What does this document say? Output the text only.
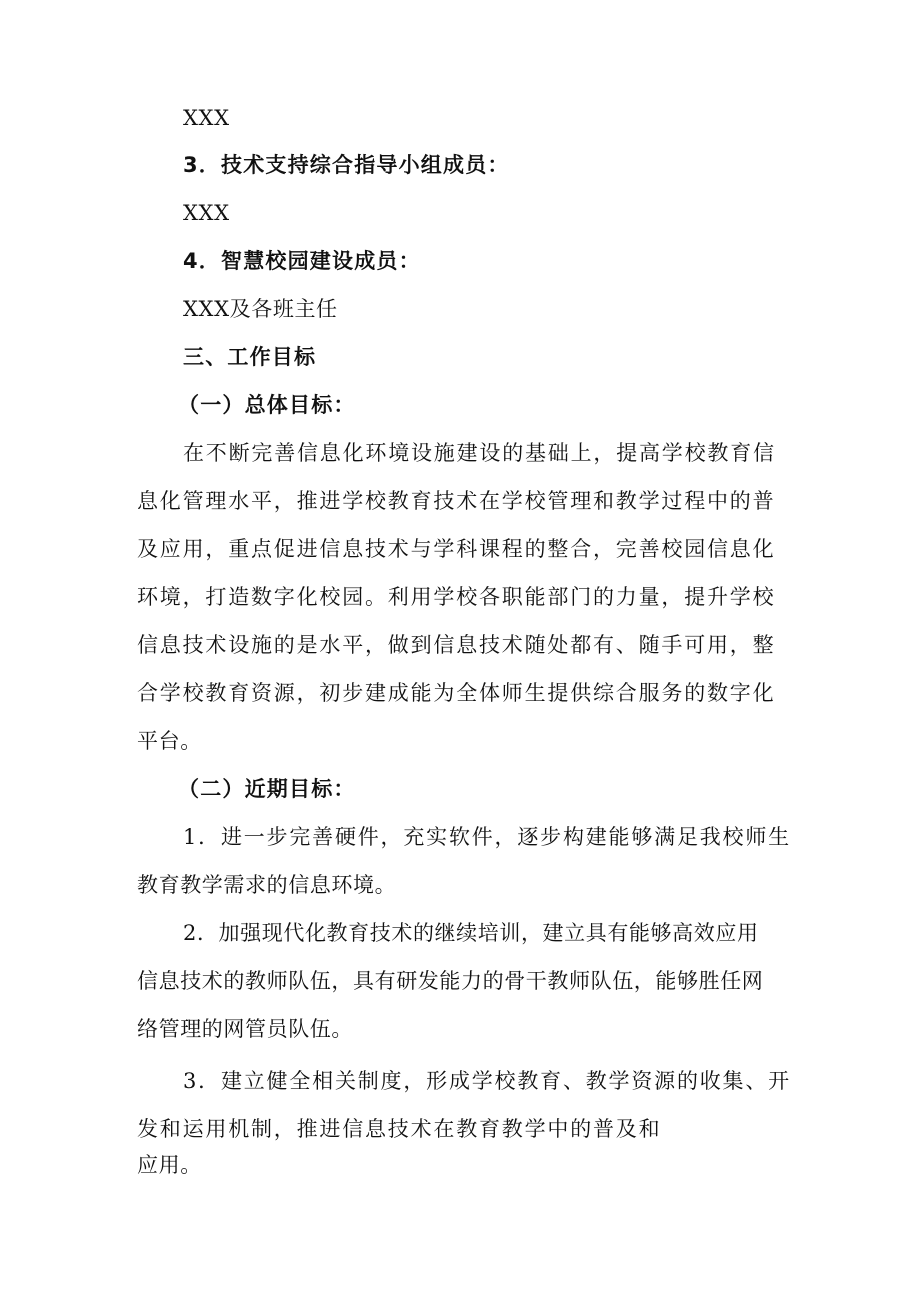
XXX
3．技术支持综合指导小组成员：
XXX
4．智慧校园建设成员：
XXX及各班主任
三、工作目标
（一）总体目标：
在不断完善信息化环境设施建设的基础上，提高学校教育信
息化管理水平，推进学校教育技术在学校管理和教学过程中的普
及应用，重点促进信息技术与学科课程的整合，完善校园信息化
环境，打造数字化校园。利用学校各职能部门的力量，提升学校
信息技术设施的是水平，做到信息技术随处都有、随手可用，整
合学校教育资源，初步建成能为全体师生提供综合服务的数字化
平台。
（二）近期目标：
1．进一步完善硬件，充实软件，逐步构建能够满足我校师生
教育教学需求的信息环境。
2．加强现代化教育技术的继续培训，建立具有能够高效应用
信息技术的教师队伍，具有研发能力的骨干教师队伍，能够胜任网
络管理的网管员队伍。
3．建立健全相关制度，形成学校教育、教学资源的收集、开
发和运用机制，推进信息技术在教育教学中的普及和
应用。
